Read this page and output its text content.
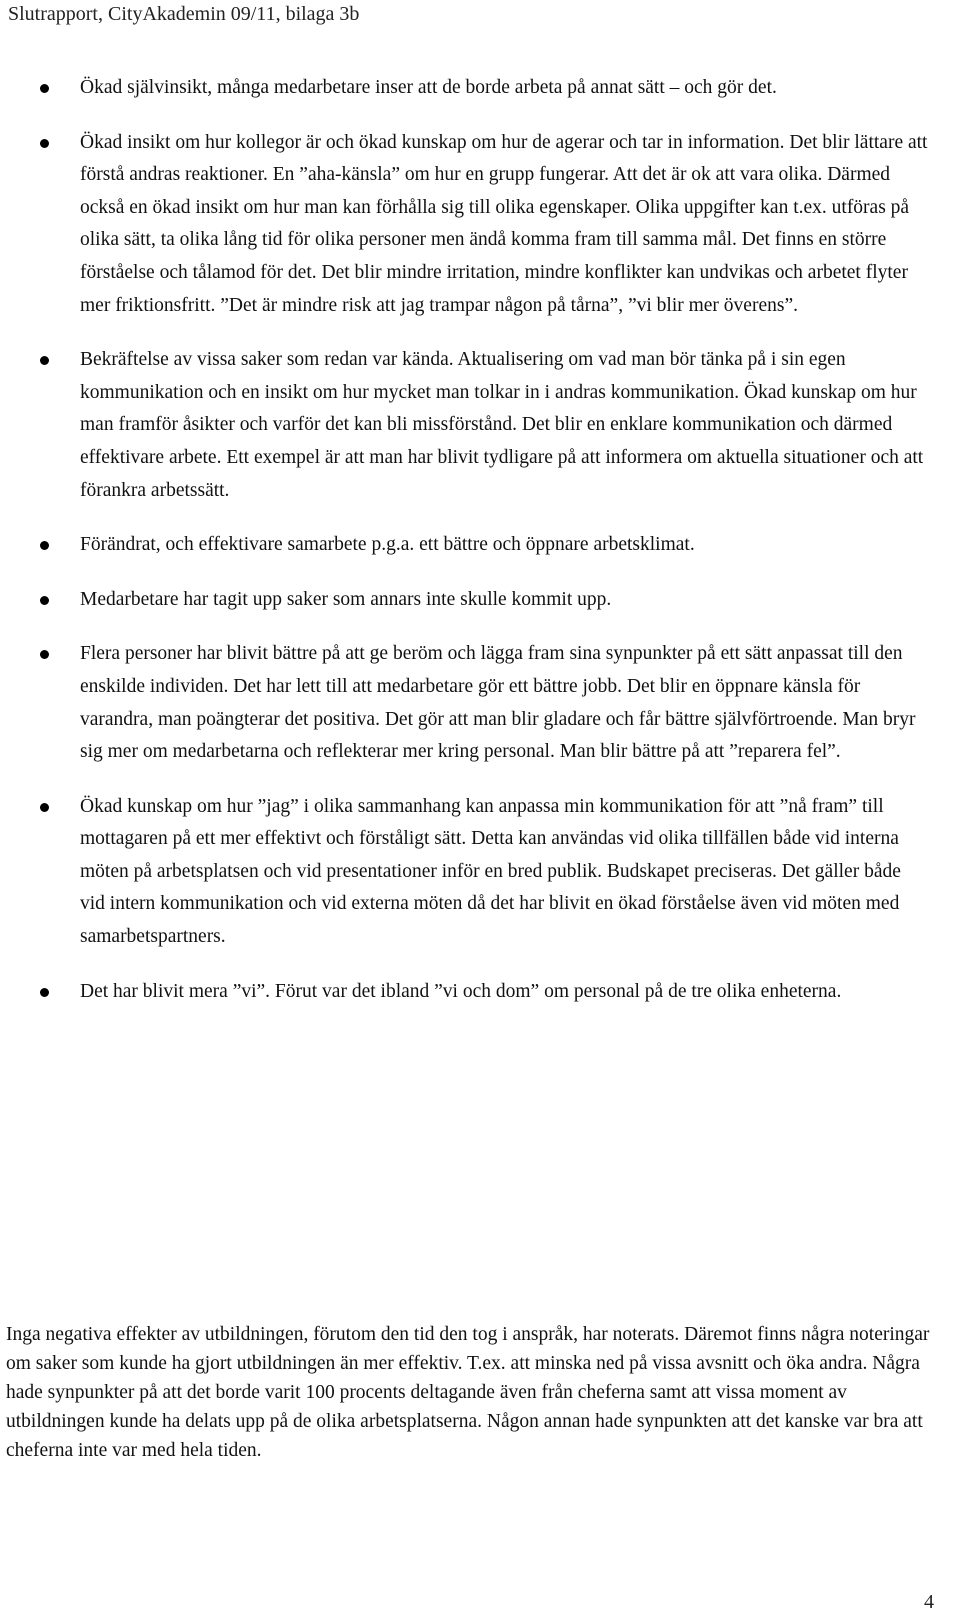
Slutrapport, CityAkademin 09/11, bilaga 3b
Ökad självinsikt, många medarbetare inser att de borde arbeta på annat sätt – och gör det.
Ökad insikt om hur kollegor är och ökad kunskap om hur de agerar och tar in information. Det blir lättare att förstå andras reaktioner. En ”aha-känsla” om hur en grupp fungerar. Att det är ok att vara olika. Därmed också en ökad insikt om hur man kan förhålla sig till olika egenskaper. Olika uppgifter kan t.ex. utföras på olika sätt, ta olika lång tid för olika personer men ändå komma fram till samma mål. Det finns en större förståelse och tålamod för det. Det blir mindre irritation, mindre konflikter kan undvikas och arbetet flyter mer friktionsfritt. ”Det är mindre risk att jag trampar någon på tårna”, ”vi blir mer överens”.
Bekräftelse av vissa saker som redan var kända. Aktualisering om vad man bör tänka på i sin egen kommunikation och en insikt om hur mycket man tolkar in i andras kommunikation. Ökad kunskap om hur man framför åsikter och varför det kan bli missförstånd. Det blir en enklare kommunikation och därmed effektivare arbete. Ett exempel är att man har blivit tydligare på att informera om aktuella situationer och att förankra arbetssätt.
Förändrat, och effektivare samarbete p.g.a. ett bättre och öppnare arbetsklimat.
Medarbetare har tagit upp saker som annars inte skulle kommit upp.
Flera personer har blivit bättre på att ge beröm och lägga fram sina synpunkter på ett sätt anpassat till den enskilde individen. Det har lett till att medarbetare gör ett bättre jobb. Det blir en öppnare känsla för varandra, man poängterar det positiva. Det gör att man blir gladare och får bättre självförtroende. Man bryr sig mer om medarbetarna och reflekterar mer kring personal. Man blir bättre på att ”reparera fel”.
Ökad kunskap om hur ”jag” i olika sammanhang kan anpassa min kommunikation för att ”nå fram” till mottagaren på ett mer effektivt och förståligt sätt. Detta kan användas vid olika tillfällen både vid interna möten på arbetsplatsen och vid presentationer inför en bred publik. Budskapet preciseras. Det gäller både vid intern kommunikation och vid externa möten då det har blivit en ökad förståelse även vid möten med samarbetspartners.
Det har blivit mera ”vi”. Förut var det ibland ”vi och dom” om personal på de tre olika enheterna.

Inga negativa effekter av utbildningen, förutom den tid den tog i anspråk, har noterats. Däremot finns några noteringar om saker som kunde ha gjort utbildningen än mer effektiv. T.ex. att minska ned på vissa avsnitt och öka andra. Några hade synpunkter på att det borde varit 100 procents deltagande även från cheferna samt att vissa moment av utbildningen kunde ha delats upp på de olika arbetsplatserna. Någon annan hade synpunkten att det kanske var bra att cheferna inte var med hela tiden.

4
